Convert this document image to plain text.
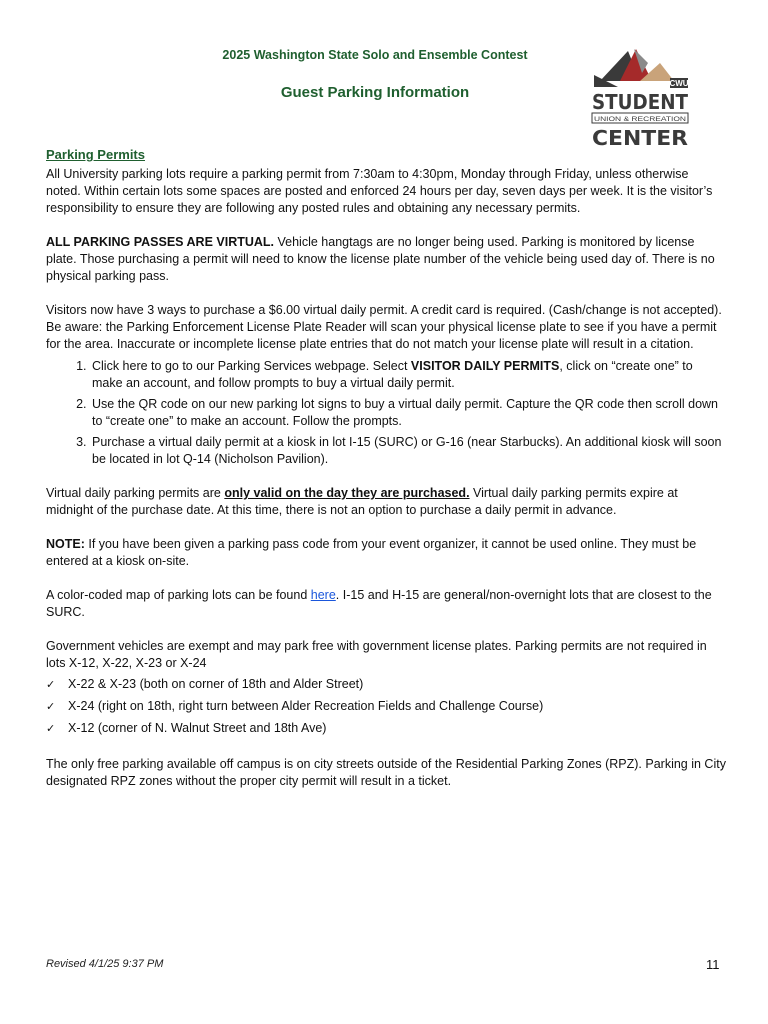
2025 Washington State Solo and Ensemble Contest
Guest Parking Information
CWU
STUDENT
UNION & RECREATION
CENTER
Parking Permits

All University parking lots require a parking permit from 7:30am to 4:30pm, Monday through Friday, unless otherwise noted. Within certain lots some spaces are posted and enforced 24 hours per day, seven days per week. It is the visitor’s responsibility to ensure they are following any posted rules and obtaining any necessary permits.

ALL PARKING PASSES ARE VIRTUAL. Vehicle hangtags are no longer being used. Parking is monitored by license plate. Those purchasing a permit will need to know the license plate number of the vehicle being used day of. There is no physical parking pass.

Visitors now have 3 ways to purchase a $6.00 virtual daily permit. A credit card is required. (Cash/change is not accepted). Be aware: the Parking Enforcement License Plate Reader will scan your physical license plate to see if you have a permit for the area. Inaccurate or incomplete license plate entries that do not match your license plate will result in a citation.

1. Click here to go to our Parking Services webpage. Select VISITOR DAILY PERMITS, click on “create one” to make an account, and follow prompts to buy a virtual daily permit.
2. Use the QR code on our new parking lot signs to buy a virtual daily permit. Capture the QR code then scroll down to “create one” to make an account. Follow the prompts.
3. Purchase a virtual daily permit at a kiosk in lot I-15 (SURC) or G-16 (near Starbucks). An additional kiosk will soon be located in lot Q-14 (Nicholson Pavilion).

Virtual daily parking permits are only valid on the day they are purchased. Virtual daily parking permits expire at midnight of the purchase date. At this time, there is not an option to purchase a daily permit in advance.

NOTE: If you have been given a parking pass code from your event organizer, it cannot be used online. They must be entered at a kiosk on-site.

A color-coded map of parking lots can be found here. I-15 and H-15 are general/non-overnight lots that are closest to the SURC.

Government vehicles are exempt and may park free with government license plates. Parking permits are not required in lots X-12, X-22, X-23 or X-24

✓	X-22 & X-23 (both on corner of 18th and Alder Street)
✓	X-24 (right on 18th, right turn between Alder Recreation Fields and Challenge Course)
✓	X-12 (corner of N. Walnut Street and 18th Ave)

The only free parking available off campus is on city streets outside of the Residential Parking Zones (RPZ). Parking in City designated RPZ zones without the proper city permit will result in a ticket.

Revised 4/1/25 9:37 PM	11
